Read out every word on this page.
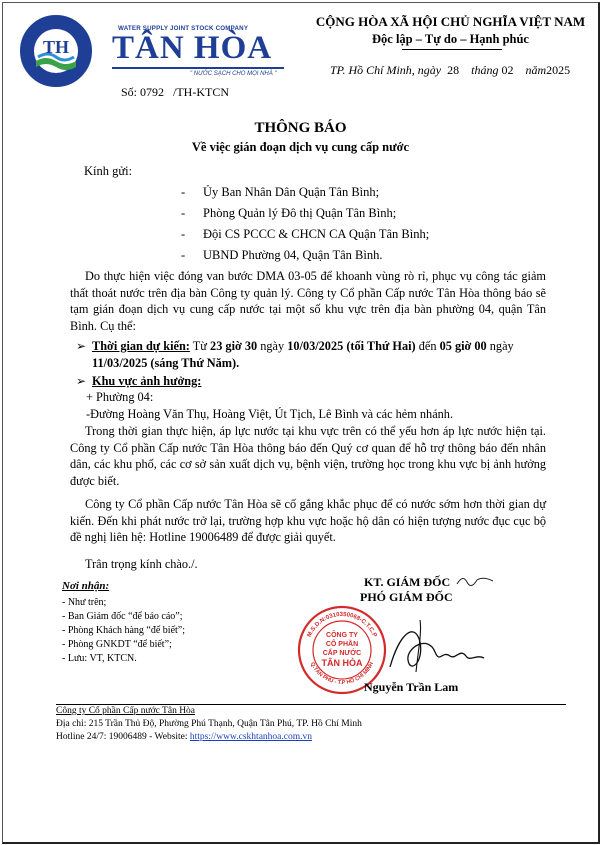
TH
WATER SUPPLY JOINT STOCK COMPANY
TÂN HÒA
" NƯỚC SẠCH CHO MỌI NHÀ "
CỘNG HÒA XÃ HỘI CHỦ NGHĨA VIỆT NAM
Độc lập – Tự do – Hạnh phúc
TP. Hồ Chí Minh, ngày 28 tháng 02 năm2025
Số: 0792 /TH-KTCN
THÔNG BÁO
Về việc gián đoạn dịch vụ cung cấp nước
Kính gửi:
- Ủy Ban Nhân Dân Quận Tân Bình;
- Phòng Quản lý Đô thị Quận Tân Bình;
- Đội CS PCCC & CHCN CA Quận Tân Bình;
- UBND Phường 04, Quận Tân Bình.
Do thực hiện việc đóng van bước DMA 03-05 để khoanh vùng rò rỉ, phục vụ công tác giảm thất thoát nước trên địa bàn Công ty quản lý. Công ty Cổ phần Cấp nước Tân Hòa thông báo sẽ tạm gián đoạn dịch vụ cung cấp nước tại một số khu vực trên địa bàn phường 04, quận Tân Bình. Cụ thể:
➢ Thời gian dự kiến: Từ 23 giờ 30 ngày 10/03/2025 (tối Thứ Hai) đến 05 giờ 00 ngày 11/03/2025 (sáng Thứ Năm).
➢ Khu vực ảnh hưởng:
+ Phường 04:
-Đường Hoàng Văn Thụ, Hoàng Việt, Út Tịch, Lê Bình và các hẻm nhánh.
Trong thời gian thực hiện, áp lực nước tại khu vực trên có thể yếu hơn áp lực nước hiện tại. Công ty Cổ phần Cấp nước Tân Hòa thông báo đến Quý cơ quan để hỗ trợ thông báo đến nhân dân, các khu phố, các cơ sở sản xuất dịch vụ, bệnh viện, trường học trong khu vực bị ảnh hưởng được biết.
Công ty Cổ phần Cấp nước Tân Hòa sẽ cố gắng khắc phục để có nước sớm hơn thời gian dự kiến. Đến khi phát nước trở lại, trường hợp khu vực hoặc hộ dân có hiện tượng nước đục cục bộ đề nghị liên hệ: Hotline 19006489 để được giải quyết.
Trân trọng kính chào./.
Nơi nhận:
- Như trên;
- Ban Giám đốc “để báo cáo”;
- Phòng Khách hàng “để biết”;
- Phòng GNKDT “để biết”;
- Lưu: VT, KTCN.
KT. GIÁM ĐỐC
PHÓ GIÁM ĐỐC
M.S.D.N:0310350068-C.T.C.P
Q.TÂN PHÚ - T.P HỒ CHÍ MINH
CÔNG TY
CỔ PHẦN
CẤP NƯỚC
TÂN HÒA
Nguyễn Trần Lam
Công ty Cổ phần Cấp nước Tân Hòa
Địa chỉ: 215 Trần Thủ Độ, Phường Phú Thạnh, Quận Tân Phú, TP. Hồ Chí Minh
Hotline 24/7: 19006489 - Website: https://www.cskhtanhoa.com.vn
